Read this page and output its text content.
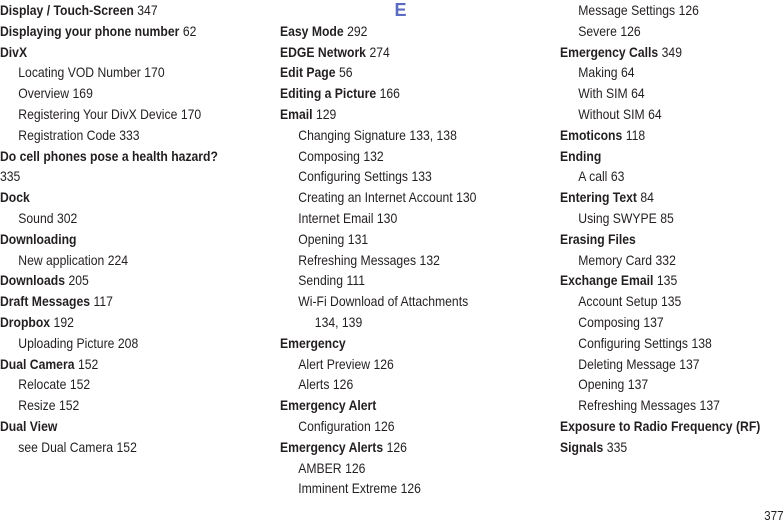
Display / Touch-Screen 347
Displaying your phone number 62
DivX
Locating VOD Number 170
Overview 169
Registering Your DivX Device 170
Registration Code 333
Do cell phones pose a health hazard?
335
Dock
Sound 302
Downloading
New application 224
Downloads 205
Draft Messages 117
Dropbox 192
Uploading Picture 208
Dual Camera 152
Relocate 152
Resize 152
Dual View
see Dual Camera 152
E
Easy Mode 292
EDGE Network 274
Edit Page 56
Editing a Picture 166
Email 129
Changing Signature 133, 138
Composing 132
Configuring Settings 133
Creating an Internet Account 130
Internet Email 130
Opening 131
Refreshing Messages 132
Sending 111
Wi-Fi Download of Attachments
134, 139
Emergency
Alert Preview 126
Alerts 126
Emergency Alert
Configuration 126
Emergency Alerts 126
AMBER 126
Imminent Extreme 126
Message Settings 126
Severe 126
Emergency Calls 349
Making 64
With SIM 64
Without SIM 64
Emoticons 118
Ending
A call 63
Entering Text 84
Using SWYPE 85
Erasing Files
Memory Card 332
Exchange Email 135
Account Setup 135
Composing 137
Configuring Settings 138
Deleting Message 137
Opening 137
Refreshing Messages 137
Exposure to Radio Frequency (RF)
Signals 335
377
